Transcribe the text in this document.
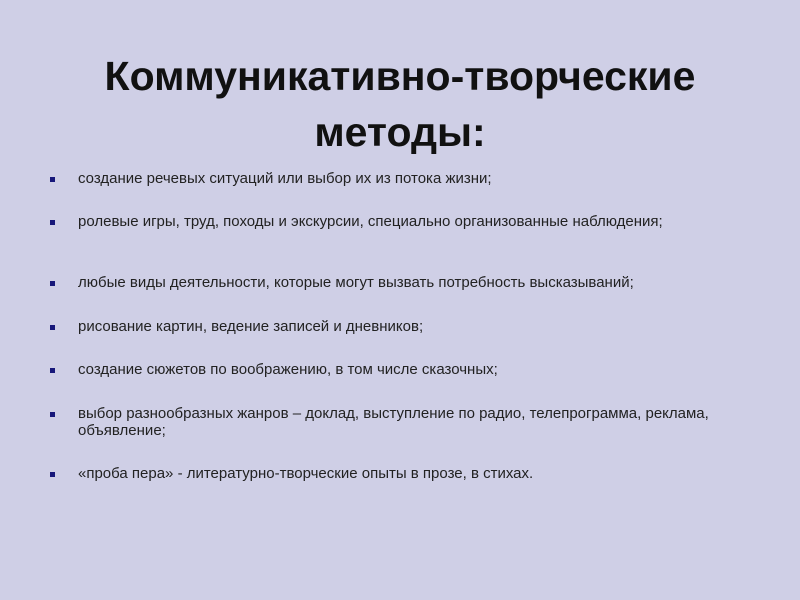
Коммуникативно-творческие
методы:
создание речевых ситуаций или выбор их из потока жизни;
ролевые игры, труд, походы и экскурсии, специально организованные наблюдения;
любые виды деятельности, которые могут вызвать потребность высказываний;
рисование картин, ведение записей и дневников;
создание сюжетов по воображению, в том числе сказочных;
выбор разнообразных жанров – доклад, выступление по радио, телепрограмма, реклама, объявление;
«проба пера» - литературно-творческие опыты в прозе, в стихах.
